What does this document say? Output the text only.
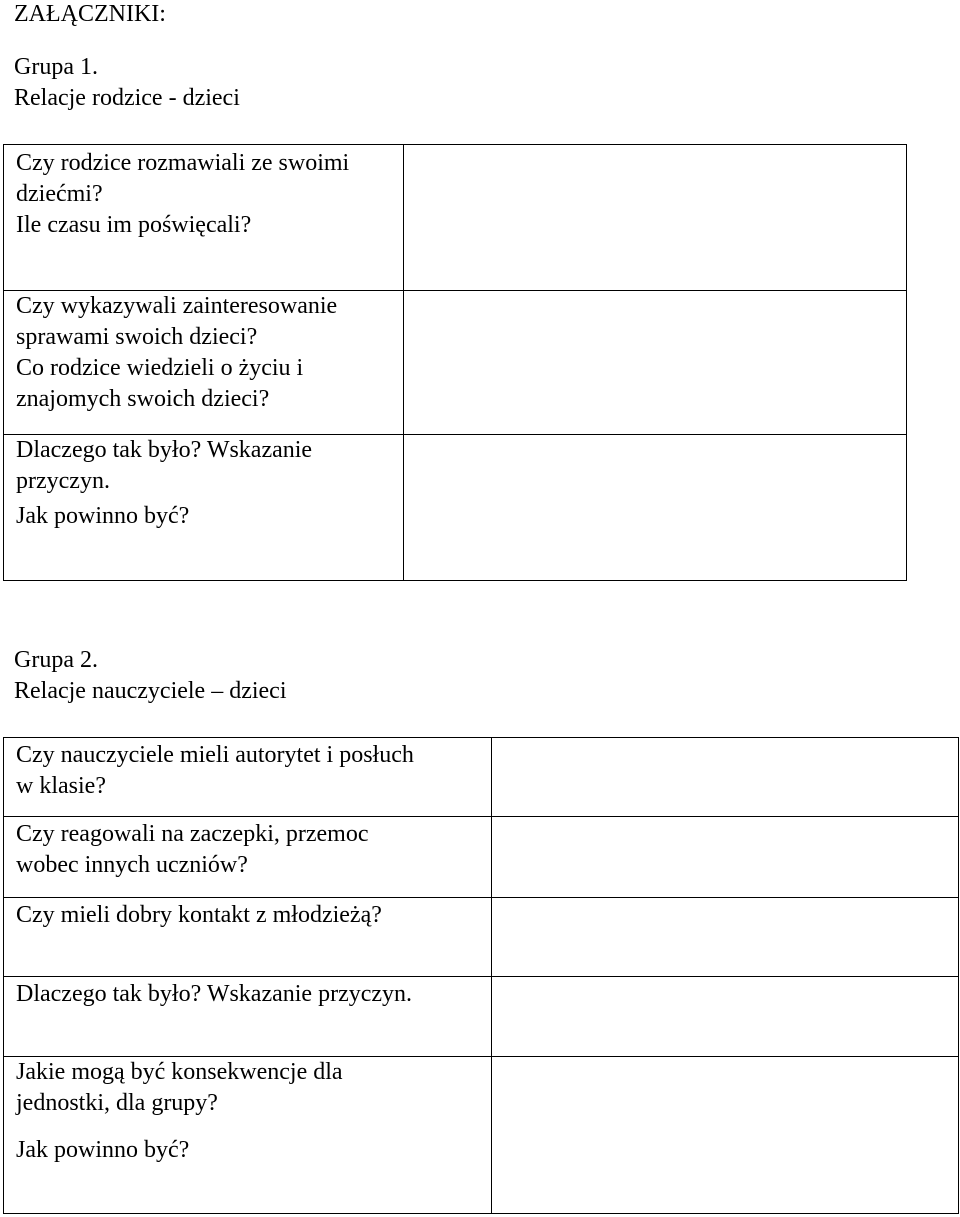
ZAŁĄCZNIKI:
Grupa 1.
Relacje rodzice - dzieci
Czy rodzice rozmawiali ze swoimi
dziećmi?
Ile czasu im poświęcali?
Czy wykazywali zainteresowanie
sprawami swoich dzieci?
Co rodzice wiedzieli o życiu i
znajomych swoich dzieci?
Dlaczego tak było? Wskazanie
przyczyn.
Jak powinno być?
Grupa 2.
Relacje nauczyciele – dzieci
Czy nauczyciele mieli autorytet i posłuch
w klasie?
Czy reagowali na zaczepki, przemoc
wobec innych uczniów?
Czy mieli dobry kontakt z młodzieżą?
Dlaczego tak było? Wskazanie przyczyn.
Jakie mogą być konsekwencje dla
jednostki, dla grupy?
Jak powinno być?
